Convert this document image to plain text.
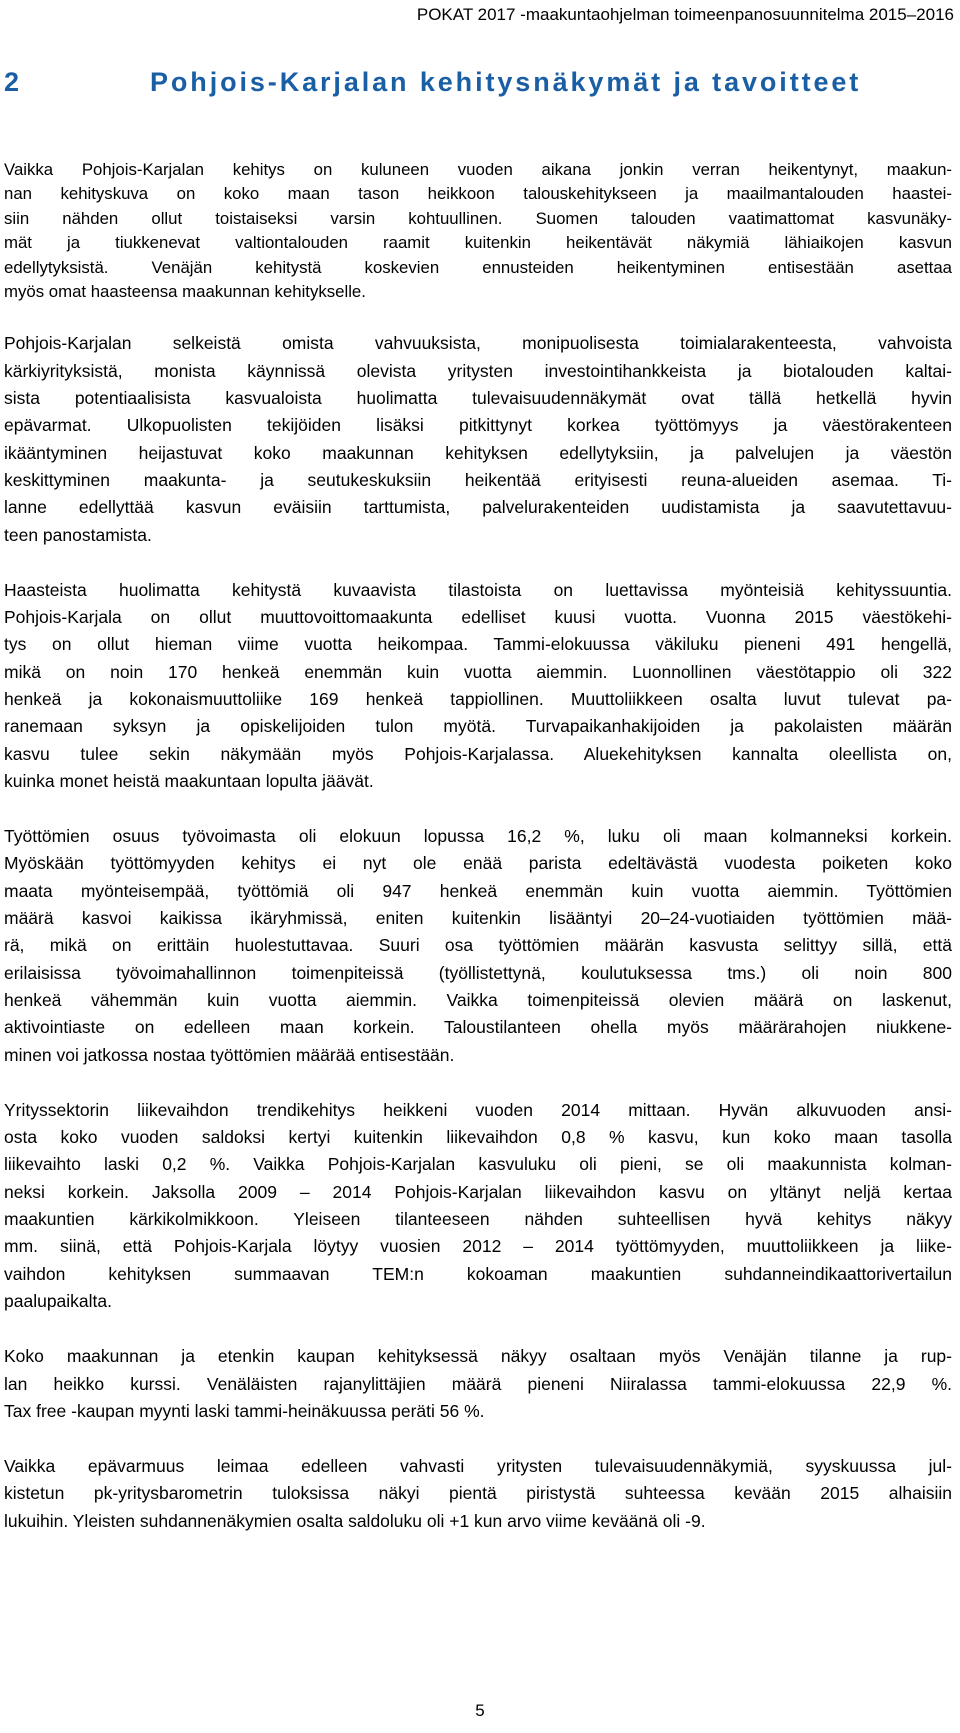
POKAT 2017 -maakuntaohjelman toimeenpanosuunnitelma 2015–2016
2	Pohjois-Karjalan kehitysnäkymät ja tavoitteet

Vaikka Pohjois-Karjalan kehitys on kuluneen vuoden aikana jonkin verran heikentynyt, maakun-
nan kehityskuva on koko maan tason heikkoon talouskehitykseen ja maailmantalouden haastei-
siin nähden ollut toistaiseksi varsin kohtuullinen. Suomen talouden vaatimattomat kasvunäky-
mät ja tiukkenevat valtiontalouden raamit kuitenkin heikentävät näkymiä lähiaikojen kasvun
edellytyksistä. Venäjän kehitystä koskevien ennusteiden heikentyminen entisestään asettaa
myös omat haasteensa maakunnan kehitykselle.

Pohjois-Karjalan selkeistä omista vahvuuksista, monipuolisesta toimialarakenteesta, vahvoista
kärkiyrityksistä, monista käynnissä olevista yritysten investointihankkeista ja biotalouden kaltai-
sista potentiaalisista kasvualoista huolimatta tulevaisuudennäkymät ovat tällä hetkellä hyvin
epävarmat. Ulkopuolisten tekijöiden lisäksi pitkittynyt korkea työttömyys ja väestörakenteen
ikääntyminen heijastuvat koko maakunnan kehityksen edellytyksiin, ja palvelujen ja väestön
keskittyminen maakunta- ja seutukeskuksiin heikentää erityisesti reuna-alueiden asemaa. Ti-
lanne edellyttää kasvun eväisiin tarttumista, palvelurakenteiden uudistamista ja saavutettavuu-
teen panostamista.

Haasteista huolimatta kehitystä kuvaavista tilastoista on luettavissa myönteisiä kehityssuuntia.
Pohjois-Karjala on ollut muuttovoittomaakunta edelliset kuusi vuotta. Vuonna 2015 väestökehi-
tys on ollut hieman viime vuotta heikompaa. Tammi-elokuussa väkiluku pieneni 491 hengellä,
mikä on noin 170 henkeä enemmän kuin vuotta aiemmin. Luonnollinen väestötappio oli 322
henkeä ja kokonaismuuttoliike 169 henkeä tappiollinen. Muuttoliikkeen osalta luvut tulevat pa-
ranemaan syksyn ja opiskelijoiden tulon myötä. Turvapaikanhakijoiden ja pakolaisten määrän
kasvu tulee sekin näkymään myös Pohjois-Karjalassa. Aluekehityksen kannalta oleellista on,
kuinka monet heistä maakuntaan lopulta jäävät.

Työttömien osuus työvoimasta oli elokuun lopussa 16,2 %, luku oli maan kolmanneksi korkein.
Myöskään työttömyyden kehitys ei nyt ole enää parista edeltävästä vuodesta poiketen koko
maata myönteisempää, työttömiä oli 947 henkeä enemmän kuin vuotta aiemmin. Työttömien
määrä kasvoi kaikissa ikäryhmissä, eniten kuitenkin lisääntyi 20–24-vuotiaiden työttömien mää-
rä, mikä on erittäin huolestuttavaa. Suuri osa työttömien määrän kasvusta selittyy sillä, että
erilaisissa työvoimahallinnon toimenpiteissä (työllistettynä, koulutuksessa tms.) oli noin 800
henkeä vähemmän kuin vuotta aiemmin. Vaikka toimenpiteissä olevien määrä on laskenut,
aktivointiaste on edelleen maan korkein. Taloustilanteen ohella myös määrärahojen niukkene-
minen voi jatkossa nostaa työttömien määrää entisestään.

Yrityssektorin liikevaihdon trendikehitys heikkeni vuoden 2014 mittaan. Hyvän alkuvuoden ansi-
osta koko vuoden saldoksi kertyi kuitenkin liikevaihdon 0,8 % kasvu, kun koko maan tasolla
liikevaihto laski 0,2 %. Vaikka Pohjois-Karjalan kasvuluku oli pieni, se oli maakunnista kolman-
neksi korkein. Jaksolla 2009 – 2014 Pohjois-Karjalan liikevaihdon kasvu on yltänyt neljä kertaa
maakuntien kärkikolmikkoon. Yleiseen tilanteeseen nähden suhteellisen hyvä kehitys näkyy
mm. siinä, että Pohjois-Karjala löytyy vuosien 2012 – 2014 työttömyyden, muuttoliikkeen ja liike-
vaihdon kehityksen summaavan TEM:n kokoaman maakuntien suhdanneindikaattorivertailun
paalupaikalta.

Koko maakunnan ja etenkin kaupan kehityksessä näkyy osaltaan myös Venäjän tilanne ja rup-
lan heikko kurssi. Venäläisten rajanylittäjien määrä pieneni Niiralassa tammi-elokuussa 22,9 %.
Tax free -kaupan myynti laski tammi-heinäkuussa peräti 56 %.

Vaikka epävarmuus leimaa edelleen vahvasti yritysten tulevaisuudennäkymiä, syyskuussa jul-
kistetun pk-yritysbarometrin tuloksissa näkyi pientä piristystä suhteessa kevään 2015 alhaisiin
lukuihin. Yleisten suhdannenäkymien osalta saldoluku oli +1 kun arvo viime keväänä oli -9.

5
